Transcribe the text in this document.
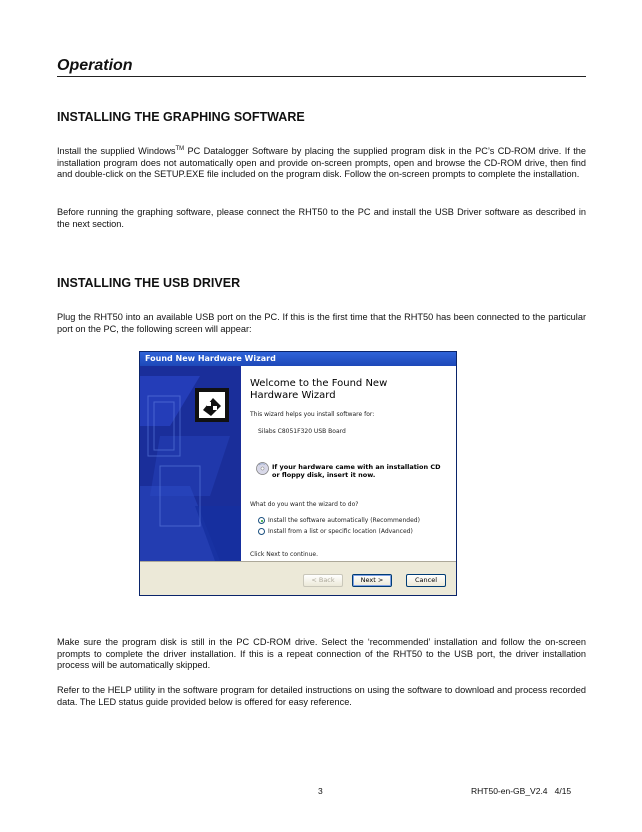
Operation
INSTALLING THE GRAPHING SOFTWARE

Install the supplied Windows™ PC Datalogger Software by placing the supplied program disk in the PC’s CD-ROM drive. If the installation program does not automatically open and provide on-screen prompts, open and browse the CD-ROM drive, then find and double-click on the SETUP.EXE file included on the program disk. Follow the on-screen prompts to complete the installation.

Before running the graphing software, please connect the RHT50 to the PC and install the USB Driver software as described in the next section.

INSTALLING THE USB DRIVER

Plug the RHT50 into an available USB port on the PC. If this is the first time that the RHT50 has been connected to the particular port on the PC, the following screen will appear:

Found New Hardware Wizard
Welcome to the Found New
Hardware Wizard
This wizard helps you install software for:
Silabs C8051F320 USB Board
If your hardware came with an installation CD
or floppy disk, insert it now.
What do you want the wizard to do?
Install the software automatically (Recommended)
Install from a list or specific location (Advanced)
Click Next to continue.
< Back	Next >	Cancel

Make sure the program disk is still in the PC CD-ROM drive. Select the ‘recommended’ installation and follow the on-screen prompts to complete the driver installation. If this is a repeat connection of the RHT50 to the USB port, the driver installation process will be automatically skipped.

Refer to the HELP utility in the software program for detailed instructions on using the software to download and process recorded data. The LED status guide provided below is offered for easy reference.

3	RHT50-en-GB_V2.4   4/15
